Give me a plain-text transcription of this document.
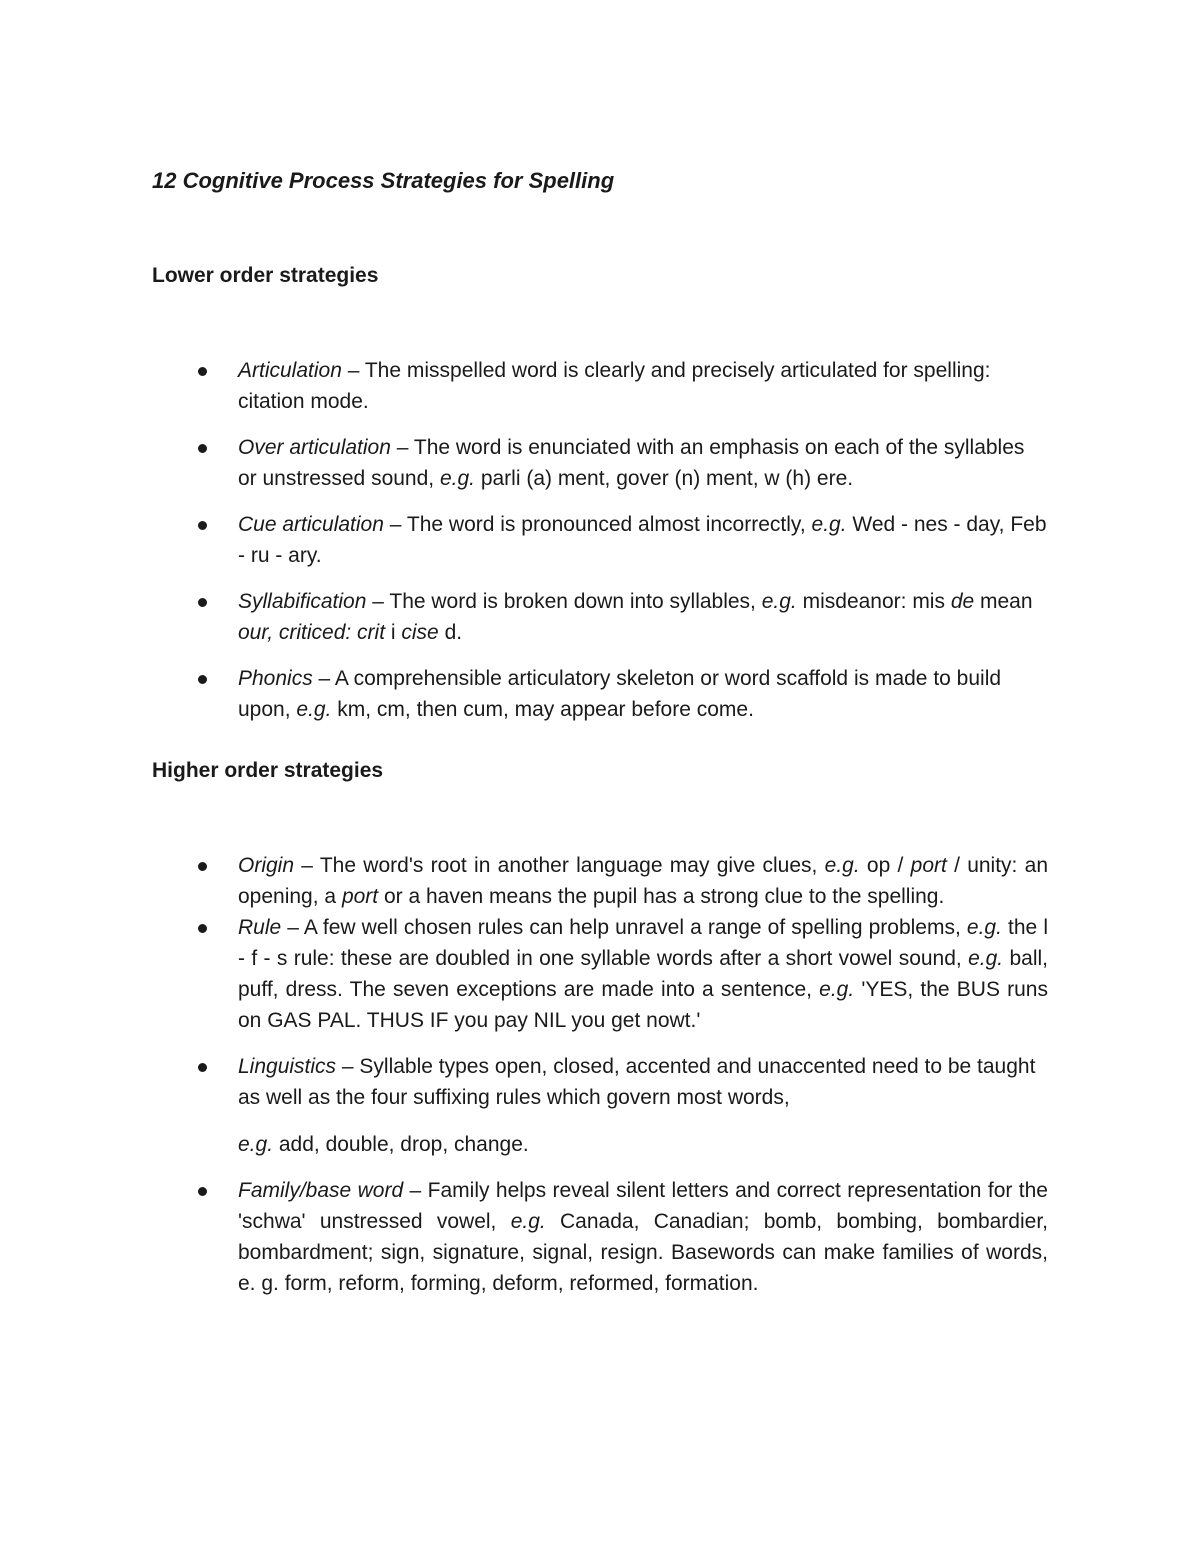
12 Cognitive Process Strategies for Spelling
Lower order strategies
Articulation – The misspelled word is clearly and precisely articulated for spelling: citation mode.
Over articulation – The word is enunciated with an emphasis on each of the syllables or unstressed sound, e.g. parli (a) ment, gover (n) ment, w (h) ere.
Cue articulation – The word is pronounced almost incorrectly, e.g. Wed - nes - day, Feb - ru - ary.
Syllabification – The word is broken down into syllables, e.g. misdeanor: mis de mean our, criticed: crit i cise d.
Phonics – A comprehensible articulatory skeleton or word scaffold is made to build upon, e.g. km, cm, then cum, may appear before come.
Higher order strategies
Origin – The word's root in another language may give clues, e.g. op / port / unity: an opening, a port or a haven means the pupil has a strong clue to the spelling.
Rule – A few well chosen rules can help unravel a range of spelling problems, e.g. the l - f - s rule: these are doubled in one syllable words after a short vowel sound, e.g. ball, puff, dress. The seven exceptions are made into a sentence, e.g. 'YES, the BUS runs on GAS PAL. THUS IF you pay NIL you get nowt.'
Linguistics – Syllable types open, closed, accented and unaccented need to be taught as well as the four suffixing rules which govern most words,
e.g. add, double, drop, change.
Family/base word – Family helps reveal silent letters and correct representation for the 'schwa' unstressed vowel, e.g. Canada, Canadian; bomb, bombing, bombardier, bombardment; sign, signature, signal, resign. Basewords can make families of words, e. g. form, reform, forming, deform, reformed, formation.
